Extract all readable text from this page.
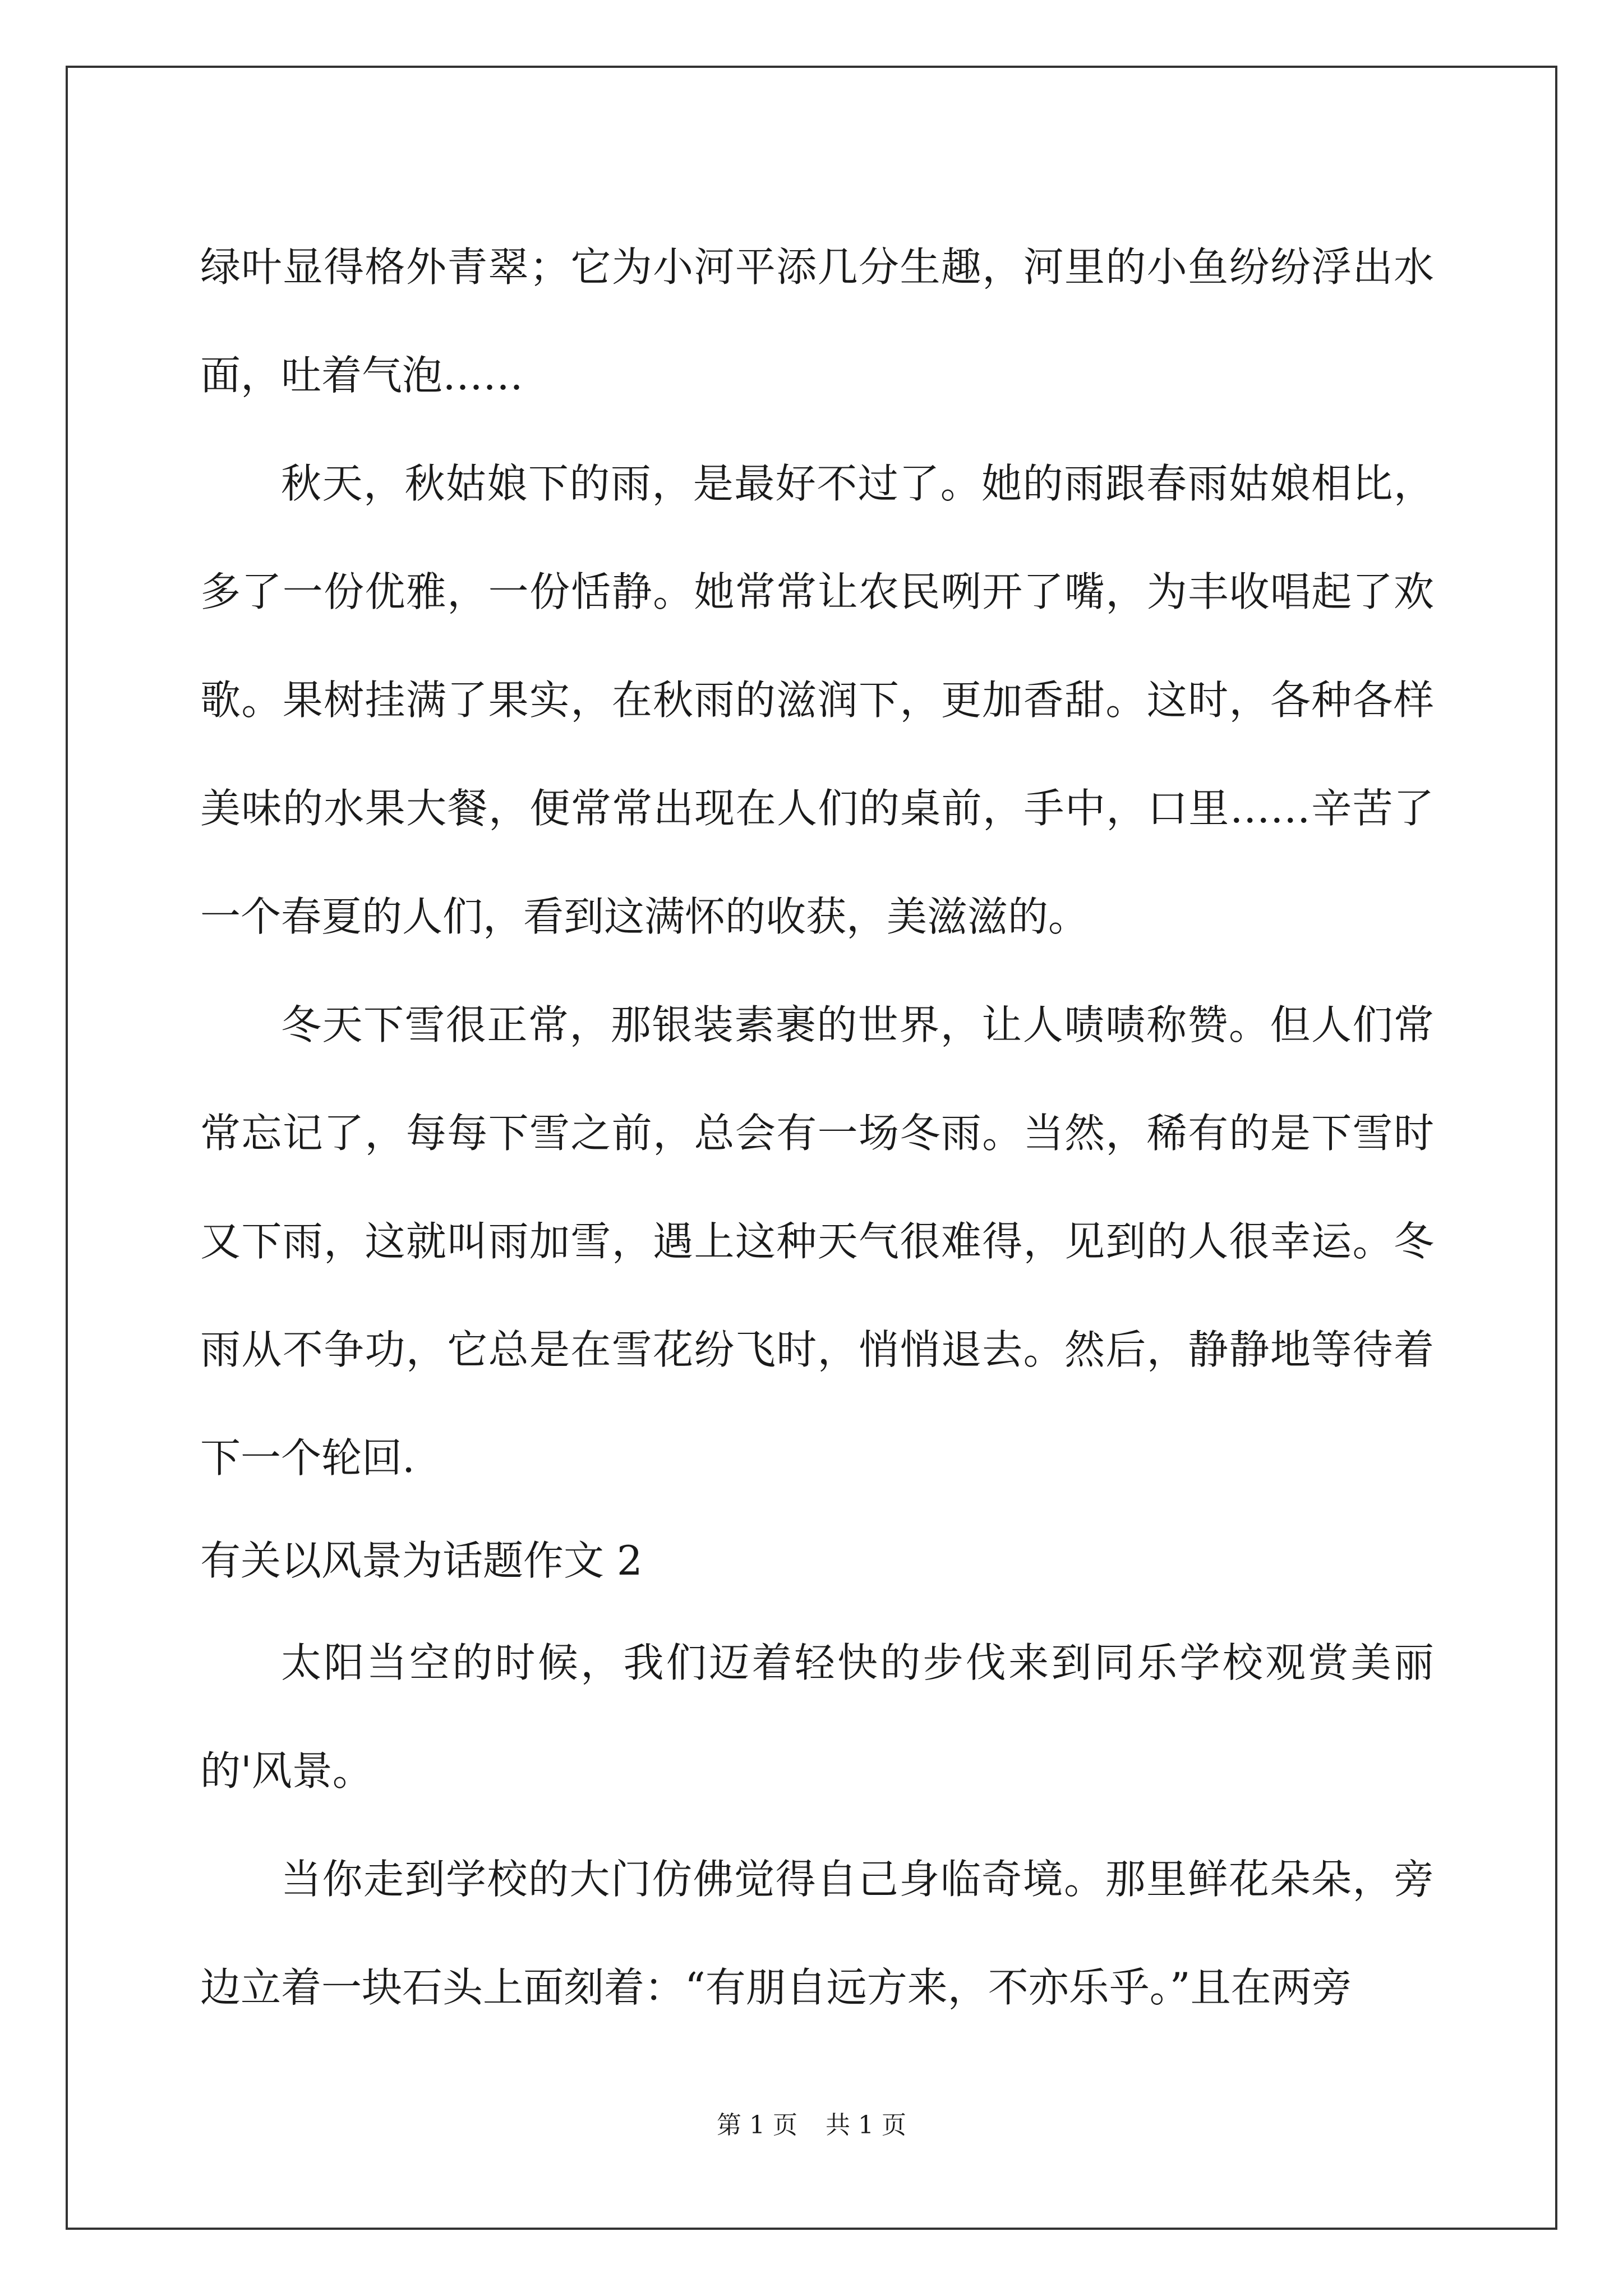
绿叶显得格外青翠；它为小河平添几分生趣，河里的小鱼纷纷浮出水面，吐着气泡……

秋天，秋姑娘下的雨，是最好不过了。她的雨跟春雨姑娘相比，多了一份优雅，一份恬静。她常常让农民咧开了嘴，为丰收唱起了欢歌。果树挂满了果实，在秋雨的滋润下，更加香甜。这时，各种各样美味的水果大餐，便常常出现在人们的桌前，手中，口里……辛苦了一个春夏的人们，看到这满怀的收获，美滋滋的。

冬天下雪很正常，那银装素裹的世界，让人啧啧称赞。但人们常常忘记了，每每下雪之前，总会有一场冬雨。当然，稀有的是下雪时又下雨，这就叫雨加雪，遇上这种天气很难得，见到的人很幸运。冬雨从不争功，它总是在雪花纷飞时，悄悄退去。然后，静静地等待着下一个轮回.

有关以风景为话题作文 2

太阳当空的时候，我们迈着轻快的步伐来到同乐学校观赏美丽的'风景。

当你走到学校的大门仿佛觉得自己身临奇境。那里鲜花朵朵，旁边立着一块石头上面刻着：“有朋自远方来，不亦乐乎。”且在两旁

第 1 页 共 1 页
